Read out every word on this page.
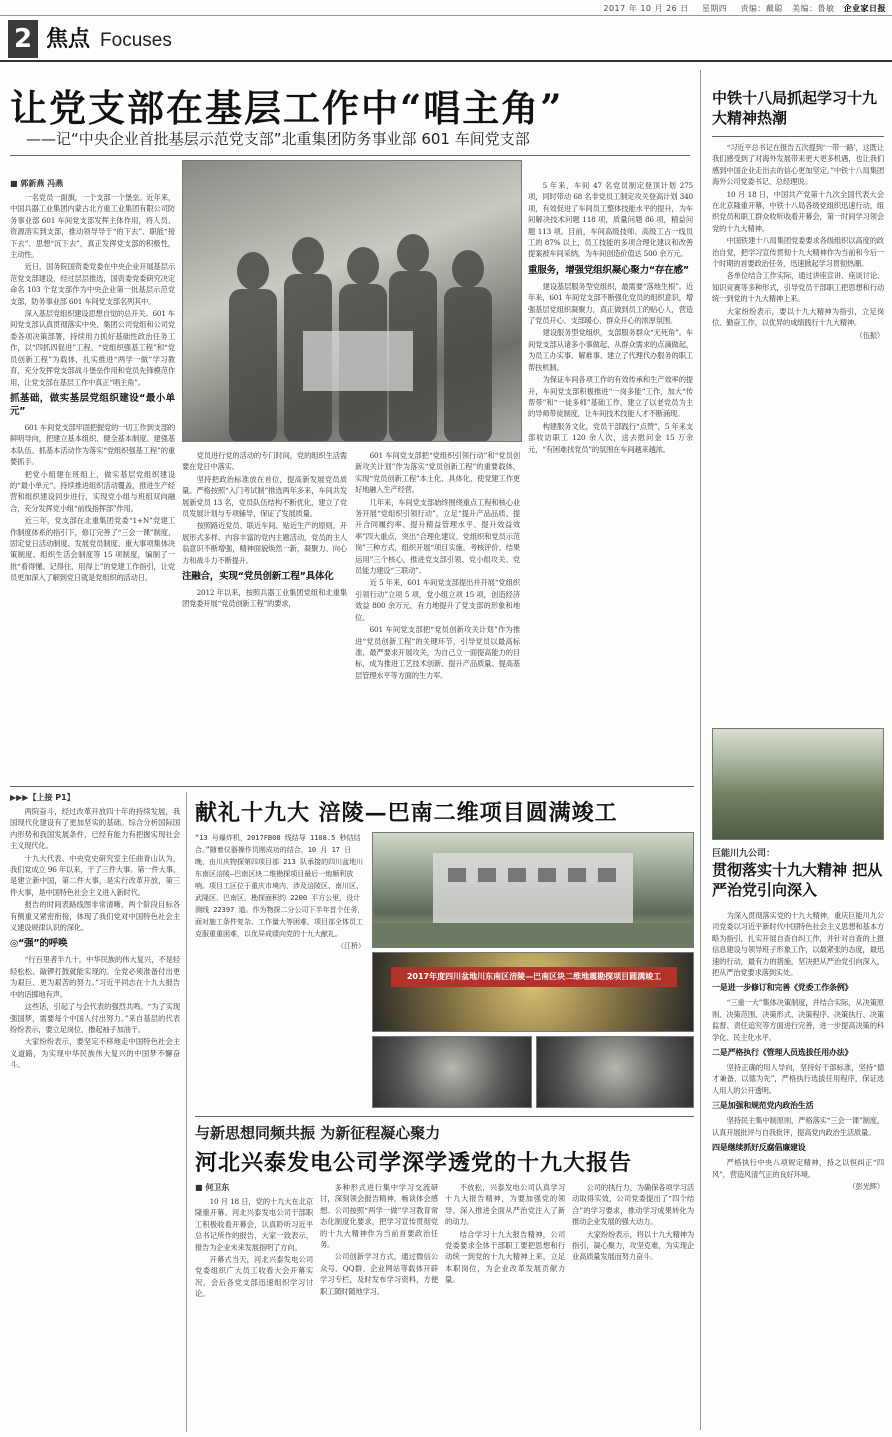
2017 年 10 月 26 日 星期四 责编：戴聪 美编：鲁敏 企业家日报
2 焦点 Focuses
让党支部在基层工作中“唱主角”
——记“中央企业首批基层示范党支部”北重集团防务事业部 601 车间党支部
■ 郭新燕 冯燕

一名党员一面旗，一个支部一个堡垒。近年来，中国兵器工业集团内蒙古北方重工业集团有限公司防务事业部 601 车间党支部发挥主体作用，将人员、资源溶实到支部，推动领导导于“的下去”、职能“接下去”、思想“沉下去”，真正发挥党支部的积极性，主动性。

近日，国务院国资委党委在中央企业开展基层示范党支部建设，经过层层推选，国资委党委研究决定命名 103 个党支部作为中央企业第一批基层示范党支部，防务事业部 601 车间党支部名列其中。

深入基层党组织建设思想自觉的总开关。601 车间党支部认真贯彻落实中央、集团公司党组和公司党委各项决策部署，持续用力抓好基础性政治任务工作，以“四抓四促进”工程、“党组织强基工程”和“党员创新工程”为载体，扎实推进“两学一做”学习教育，充分发挥党支部战斗堡垒作用和党员先锋模范作用，让党支部在基层工作中真正“唱主角”。

抓基础，做实基层党组织建设“最小单元”

601 车间党支部牢固把握党的一切工作到支部的鲜明导向，把建立基本组织、健全基本制度、建强基本队伍、抓基本活动作为落实“党组织强基工程”的重要抓手。

把党小组建在班组上，做实基层党组织建设的“最小单元”。持续推进组织活动覆盖，推进生产经营和组织建设同步进行，实现党小组与班组双向融合，充分发挥党小组“前线指挥部”作用。

近三年，党支部在北重集团党委“1+N”党建工作制度体系的指引下，修订完善了“三会一课”制度、固定党日活动制度、发展党员制度、重大事项集体决策制度、组织生活会制度等 15 项制度，编制了一批“看得懂、记得住、用得上”的党建工作指引，让党员更加深入了解到党日就是党组织的活动日。

党员进行党的活动的专门时间，党的组织生活需要在党日中落实。

坚持把政治标准放在首位，提高新发展党员质量。严格按照“入门考试制”推选两年多来，车间共发展新党员 13 名，党员队伍结构不断优化，建立了党员发展计划与专项辅导，保证了发展质量。

按照路近党员、联近车间、贴近生产的原则，开展形式多样、内容丰富的党内主题活动，党员的主人翁意识不断增强，精神面貌焕然一新，凝聚力、向心力和战斗力不断提升。

注融合，实现“党员创新工程”具体化

2012 年以来，按照兵器工业集团党组和北重集团党委开展“党员创新工程”的要求，

601 车间党支部把“党组织引领行动”和“党员创新攻关计划”作为落实“党员创新工程”的重要载体，实现“党员创新工程”本土化、具体化，使党建工作更好地融入生产经营。

几年来，车间党支部始终围绕重点工程和核心业务开展“党组织引领行动”，立足“提升产品品质、提升合同履约率、提升精益管理水平、提升效益效率”四大重点，突出“合理化建议、党组织和党员示范岗”三种方式，组织开展“项目实施、考核评价、结果运用”三个核心，推进党支部引领、党小组攻关、党员能力建设“三联动”。

近 5 年来，601 车间党支部提出并开展“党组织引领行动”立项 5 项，党小组立项 15 项，创造经济效益 800 余万元，有力地提升了党支部的形象和地位。

601 车间党支部把“党员创新攻关计划”作为推进“党员创新工程”的关键环节，引导党员以最高标准、最严要求开展攻关，为自己立一面提高能力的目标，成为推进工艺技术创新、提升产品质量、提高基层管理水平等方面的生力军。

5 年来，车间 47 名党员制定登顶计划 275 项，同时带动 68 名非党员工制定攻关登高计划 340 项，有效促进了车间员工整体技能水平的提升，为车间解决技术问题 118 项，质量问题 86 项，精益问题 113 项。目前，车间高级技师、高级工占一线员工的 87% 以上，员工技能的多项合理化建议和改善提案被车间采纳，为车间创造价值达 500 余万元。

重服务，增强党组织凝心聚力“存在感”

建设基层服务型党组织，最需要“落地生根”。近年来，601 车间党支部不断强化党员的组织意识，增强基层党组织凝聚力，真正做到员工的贴心人，营造了党员开心、支部暖心、群众开心的浓厚氛围。

建设服务型党组织，支部服务群众“无死角”。车间党支部从诸多小事做起、从群众需求的点滴做起，为员工办实事、解难事、建立了代理代办服务的职工帮扶机制。

为保证车间各项工作的有效传承和生产效率的提升，车间党支部积极推进“一岗多能”工作，加大“传帮带”和“一徒多师”基础工作，建立了以老党员为主的导师带徒制度，让车间技术技能人才不断涌现。

构建服务文化，党员干部践行“点赞”，5 年来支部收访职工 120 余人次，送去慰问金 15 万余元，“有困难找党员”的氛围在车间越来越浓。

中铁十八局抓起学习十九大精神热潮

“习近平总书记在报告五次提到‘一带一路’，这既让我们感受到了对海外发展带来更大更多机遇，也让我们感到中国企业走出去的信心更加坚定。”中铁十八局集团海外公司党委书记、总经理说。

10 月 18 日，中国共产党第十九次全国代表大会在北京隆重开幕，中铁十八局各级党组织迅速行动，组织党员和职工群众收听收看开幕会，第一时间学习领会党的十九大精神。

中国铁建十八局集团党委要求各级组织以高度的政治自觉，把学习宣传贯彻十九大精神作为当前和今后一个时期的首要政治任务，迅速掀起学习贯彻热潮。

各单位结合工作实际，通过讲座宣讲、座谈讨论、知识竞赛等多种形式，引导党员干部职工把思想和行动统一到党的十九大精神上来。

大家纷纷表示，要以十九大精神为指引，立足岗位、勤奋工作，以优异的成绩践行十九大精神。

（伍振）

巨能川九公司：
贯彻落实十九大精神 把从严治党引向深入

为深入贯彻落实党的十九大精神，重庆巨能川九公司党委以习近平新时代中国特色社会主义思想和基本方略为指引，扎实开展自查自纠工作，并针对自查的上报信息建设与领导班子形象工作，以最紧张的态度，最迅速的行动，最有力的措施，坚决把从严治党引向深入，把从严治党要求落到实处。

一是进一步修订和完善《党委工作条例》

“三重一大”集体决策制度，并结合实际，从决策原则、决策范围、决策形式、决策程序、决策执行、决策监督、责任追究等方面进行完善，进一步提高决策的科学化、民主化水平。

二是严格执行《管理人员选拔任用办法》

坚持正确的用人导向，坚持好干部标准，坚持“德才兼备、以德为先”，严格执行选拔任用程序，保证选人用人的公开透明。

三是加强和规范党内政治生活

坚持民主集中制原则，严格落实“三会一课”制度，认真开展批评与自我批评，提高党内政治生活质量。

四是继续抓好反腐倡廉建设

严格执行中央八项规定精神，持之以恒纠正“四风”，营造风清气正的良好环境。

（彭光辉）

▶▶▶【上接 P1】

两院奋斗，经过改革开放四十年的持续发展，我国现代化建设有了更加坚实的基础。综合分析国际国内形势和我国发展条件，已经有能力有把握实现社会主义现代化。

十九大代表、中央党史研究室主任曲青山认为，我们党成立 96 年以来，干了三件大事。第一件大事，是建立新中国，第二件大事，是实行改革开放，第三件大事，是中国特色社会主义进入新时代。

报告的时间表路线图非常清晰，两个阶段目标各有侧重又紧密衔接，体现了我们党对中国特色社会主义建设规律认识的深化。

◎“强”的呼唤

“行百里者半九十。中华民族的伟大复兴，不是轻轻松松、敲锣打鼓就能实现的。全党必须准备付出更为艰巨、更为艰苦的努力。”习近平同志在十九大报告中的话掷地有声。

这些话，引起了与会代表的强烈共鸣。“为了实现强国梦，需要每个中国人付出努力。”来自基层的代表纷纷表示，要立足岗位，撸起袖子加油干。

大家纷纷表示，要坚定不移地走中国特色社会主义道路，为实现中华民族伟大复兴的中国梦不懈奋斗。

献礼十九大 涪陵—巴南二维项目圆满竣工

“13 号爆炸机，2017FB08 线结导 1108.5 秒结结合。”随着仪器操作员刚成功的结合，10 月 17 日晚，由川庆物探第四项目部 213 队承接的四川盆地川东南区涪陵—巴南区块二维勘探项目最后一炮顺利放响。项目工区位于重庆市境内，涉及涪陵区、南川区、武隆区、巴南区，勘探面积约 2200 平方公里，设计测线 22397 道。作为物探二分公司下半年首个任务，面对施工条件复杂、工作量大等困难，项目部全体员工克服重重困难，以优异成绩向党的十九大献礼。

（江桥）

2017年度四川盆地川东南区涪陵—巴南区块二维地震勘探项目圆满竣工
与新思想同频共振 为新征程凝心聚力
河北兴泰发电公司学深学透党的十九大报告
■ 何卫东

10 月 18 日，党的十九大在北京隆重开幕。河北兴泰发电公司干部职工积极收看开幕会，认真聆听习近平总书记所作的报告，大家一致表示，报告为企业未来发展指明了方向。

开幕式当天，河北兴泰发电公司党委组织广大员工收看大会开幕实况，会后各党支部迅速组织学习讨论。

多种形式进行集中学习交流研讨，深刻领会报告精神，畅谈体会感想。公司按照“两学一做”学习教育常态化制度化要求，把学习宣传贯彻党的十九大精神作为当前首要政治任务。

公司创新学习方式，通过微信公众号、QQ群、企业网站等载体开辟学习专栏，及时发布学习资料，方便职工随时随地学习。

不放松，兴泰发电公司认真学习十九大报告精神，为要加强党的领导、深入推进全面从严治党注入了新的动力。

结合学习十九大报告精神，公司党委要求全体干部职工要把思想和行动统一到党的十九大精神上来，立足本职岗位，为企业改革发展贡献力量。

公司的执行力，为确保各项学习活动取得实效，公司党委提出了“四个结合”的学习要求，推动学习成果转化为推动企业发展的强大动力。

大家纷纷表示，将以十九大精神为指引，凝心聚力，攻坚克难，为实现企业高质量发展而努力奋斗。
